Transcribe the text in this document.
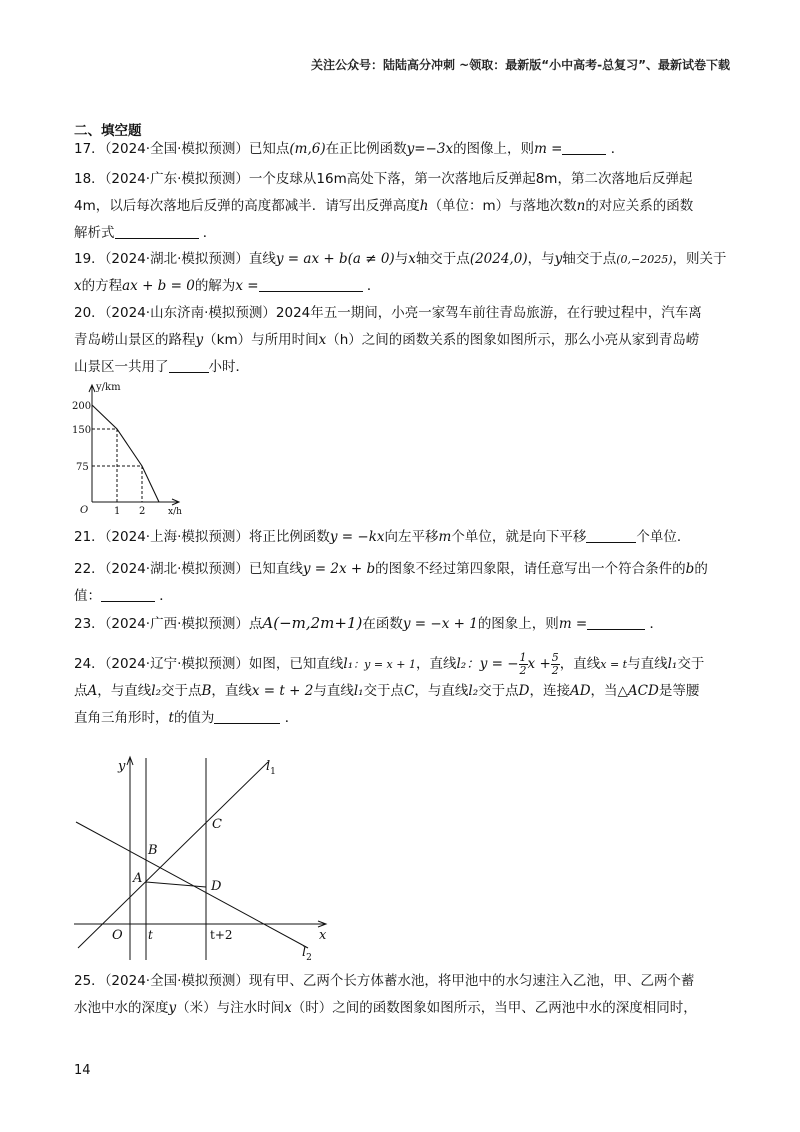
关注公众号：陆陆高分冲刺 ~领取：最新版“小中高考-总复习”、最新试卷下载
二、填空题
17．（2024·全国·模拟预测）已知点(m,6)在正比例函数y=−3x的图像上，则m =	．
18．（2024·广东·模拟预测）一个皮球从16m高处下落，第一次落地后反弹起8m，第二次落地后反弹起
4m，以后每次落地后反弹的高度都减半．请写出反弹高度h（单位：m）与落地次数n的对应关系的函数
解析式	．
19．（2024·湖北·模拟预测）直线y = ax + b(a ≠ 0)与x轴交于点(2024,0)，与y轴交于点(0,−2025)，则关于
x的方程ax + b = 0的解为x =	．
20．（2024·山东济南·模拟预测）2024年五一期间，小亮一家驾车前往青岛旅游，在行驶过程中，汽车离
青岛崂山景区的路程y（km）与所用时间x（h）之间的函数关系的图象如图所示，那么小亮从家到青岛崂
山景区一共用了	小时．
y/km
x/h
O
200
150
75
1 2
21．（2024·上海·模拟预测）将正比例函数y = −kx向左平移m个单位，就是向下平移	个单位．
22．（2024·湖北·模拟预测）已知直线y = 2x + b的图象不经过第四象限，请任意写出一个符合条件的b的
值：	．
23．（2024·广西·模拟预测）点A(−m,2m+1)在函数y = −x + 1的图象上，则m =	．
24．（2024·辽宁·模拟预测）如图，已知直线l₁：y = x + 1，直线l₂：y = − $\frac{1}{2}$ $x + \frac{5}{2}$ ，直线x = t与直线l₁交于
点A，与直线l₂交于点B，直线x = t + 2与直线l₁交于点C，与直线l₂交于点D，连接AD，当△ACD是等腰
直角三角形时，t的值为	．
y
x
O t	t+2
A
B
C
D
$l_1$
$l_2$
25．（2024·全国·模拟预测）现有甲、乙两个长方体蓄水池，将甲池中的水匀速注入乙池，甲、乙两个蓄
水池中水的深度y（米）与注水时间x（时）之间的函数图象如图所示，当甲、乙两池中水的深度相同时，
14
